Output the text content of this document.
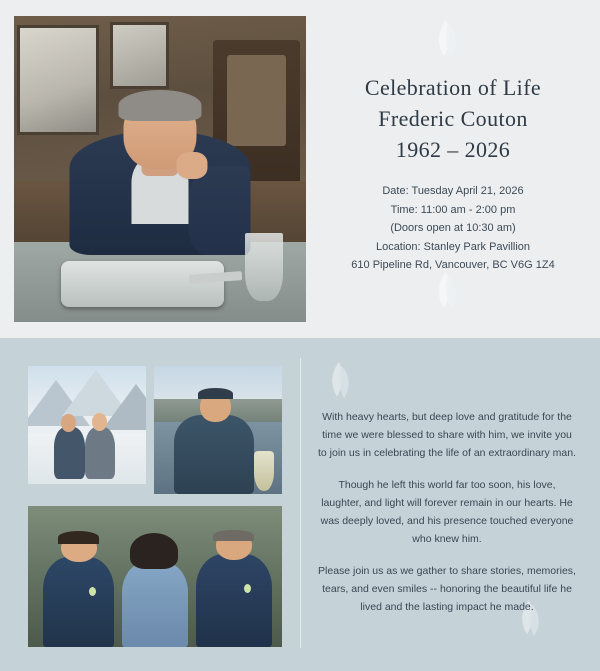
Celebration of Life
Frederic Couton
1962 – 2026
Date: Tuesday April 21, 2026
Time: 11:00 am - 2:00 pm
(Doors open at 10:30 am)
Location: Stanley Park Pavillion
610 Pipeline Rd, Vancouver, BC V6G 1Z4

With heavy hearts, but deep love and gratitude for the time we were blessed to share with him, we invite you to join us in celebrating the life of an extraordinary man.

Though he left this world far too soon, his love, laughter, and light will forever remain in our hearts. He was deeply loved, and his presence touched everyone who knew him.

Please join us as we gather to share stories, memories, tears, and even smiles -- honoring the beautiful life he lived and the lasting impact he made.
